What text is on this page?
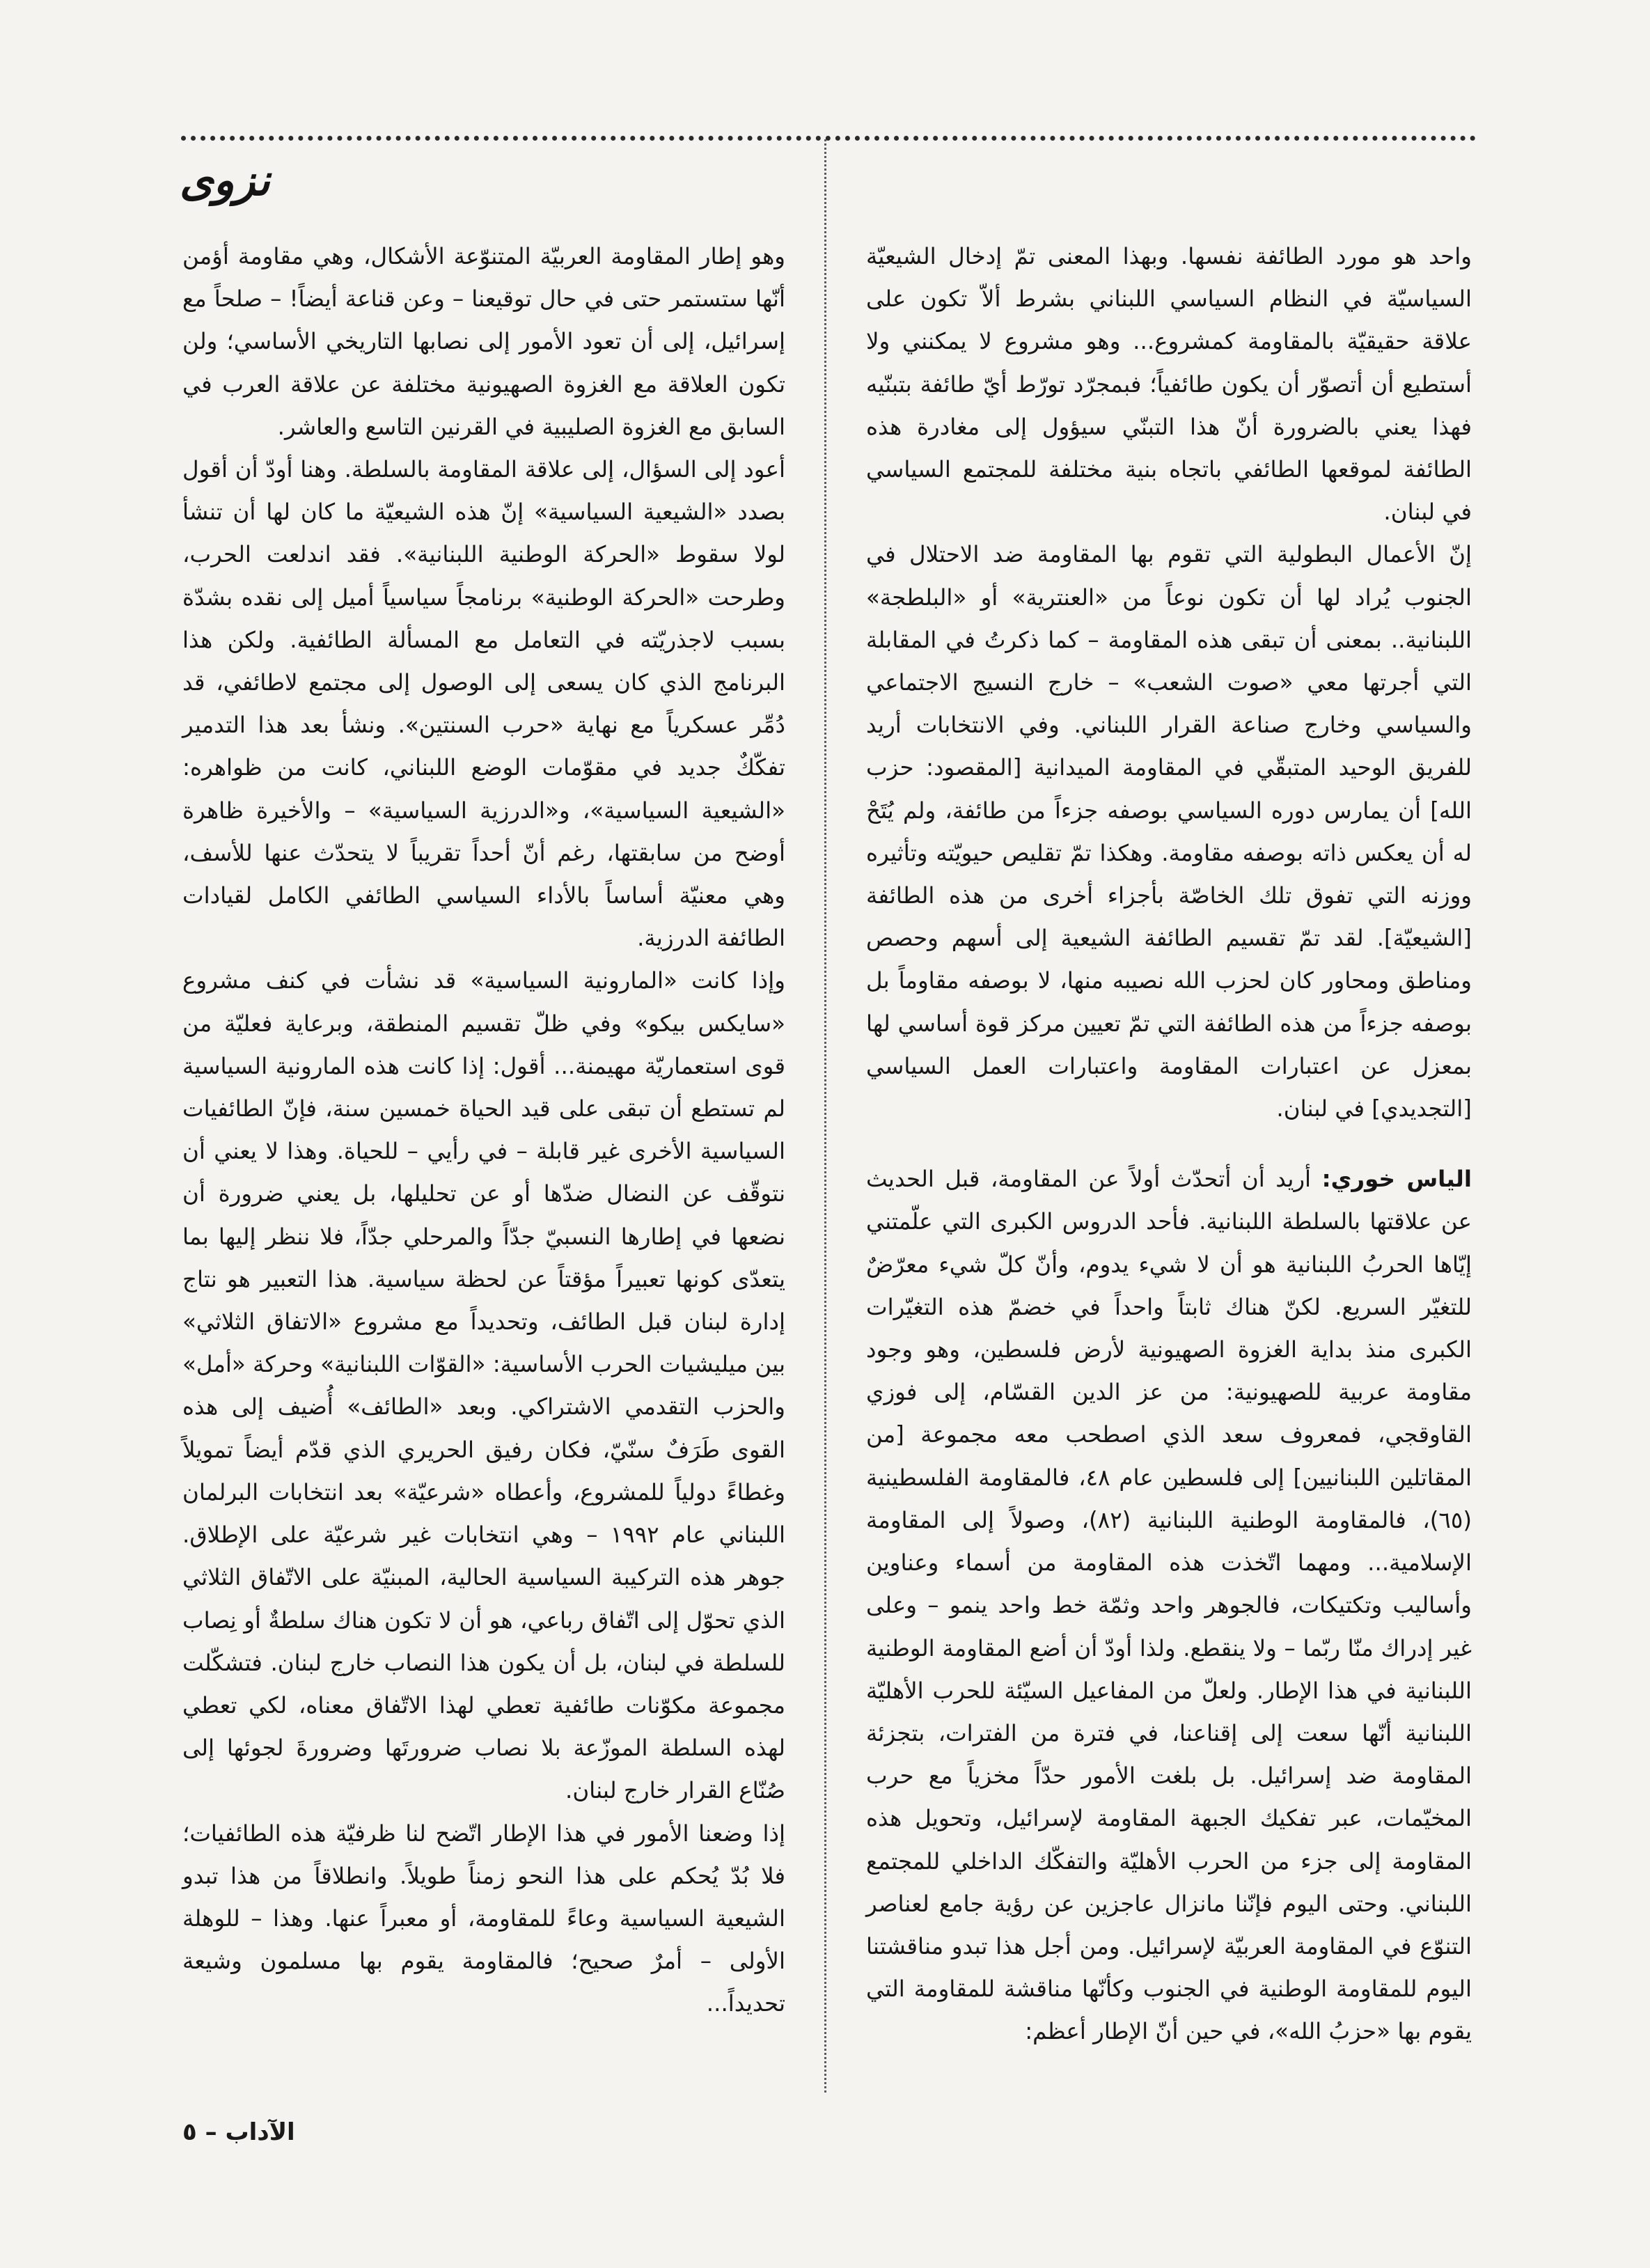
نزوى

واحد هو مورد الطائفة نفسها. وبهذا المعنى تمّ إدخال الشيعيّة السياسيّة في النظام السياسي اللبناني بشرط ألاّ تكون على علاقة حقيقيّة بالمقاومة كمشروع... وهو مشروع لا يمكنني ولا أستطيع أن أتصوّر أن يكون طائفياً؛ فبمجرّد تورّط أيّ طائفة بتبنّيه فهذا يعني بالضرورة أنّ هذا التبنّي سيؤول إلى مغادرة هذه الطائفة لموقعها الطائفي باتجاه بنية مختلفة للمجتمع السياسي في لبنان.

إنّ الأعمال البطولية التي تقوم بها المقاومة ضد الاحتلال في الجنوب يُراد لها أن تكون نوعاً من «العنترية» أو «البلطجة» اللبنانية.. بمعنى أن تبقى هذه المقاومة – كما ذكرتُ في المقابلة التي أجرتها معي «صوت الشعب» – خارج النسيج الاجتماعي والسياسي وخارج صناعة القرار اللبناني. وفي الانتخابات أريد للفريق الوحيد المتبقّي في المقاومة الميدانية [المقصود: حزب الله] أن يمارس دوره السياسي بوصفه جزءاً من طائفة، ولم يُتَحْ له أن يعكس ذاته بوصفه مقاومة. وهكذا تمّ تقليص حيويّته وتأثيره ووزنه التي تفوق تلك الخاصّة بأجزاء أخرى من هذه الطائفة [الشيعيّة]. لقد تمّ تقسيم الطائفة الشيعية إلى أسهم وحصص ومناطق ومحاور كان لحزب الله نصيبه منها، لا بوصفه مقاوماً بل بوصفه جزءاً من هذه الطائفة التي تمّ تعيين مركز قوة أساسي لها بمعزل عن اعتبارات المقاومة واعتبارات العمل السياسي [التجديدي] في لبنان.

الياس خوري: أريد أن أتحدّث أولاً عن المقاومة، قبل الحديث عن علاقتها بالسلطة اللبنانية. فأحد الدروس الكبرى التي علّمتني إيّاها الحربُ اللبنانية هو أن لا شيء يدوم، وأنّ كلّ شيء معرّضٌ للتغيّر السريع. لكنّ هناك ثابتاً واحداً في خضمّ هذه التغيّرات الكبرى منذ بداية الغزوة الصهيونية لأرض فلسطين، وهو وجود مقاومة عربية للصهيونية: من عز الدين القسّام، إلى فوزي القاوقجي، فمعروف سعد الذي اصطحب معه مجموعة [من المقاتلين اللبنانيين] إلى فلسطين عام ٤٨، فالمقاومة الفلسطينية (٦٥)، فالمقاومة الوطنية اللبنانية (٨٢)، وصولاً إلى المقاومة الإسلامية... ومهما اتّخذت هذه المقاومة من أسماء وعناوين وأساليب وتكتيكات، فالجوهر واحد وثمّة خط واحد ينمو – وعلى غير إدراك منّا ربّما – ولا ينقطع. ولذا أودّ أن أضع المقاومة الوطنية اللبنانية في هذا الإطار. ولعلّ من المفاعيل السيّئة للحرب الأهليّة اللبنانية أنّها سعت إلى إقناعنا، في فترة من الفترات، بتجزئة المقاومة ضد إسرائيل. بل بلغت الأمور حدّاً مخزياً مع حرب المخيّمات، عبر تفكيك الجبهة المقاومة لإسرائيل، وتحويل هذه المقاومة إلى جزء من الحرب الأهليّة والتفكّك الداخلي للمجتمع اللبناني. وحتى اليوم فإنّنا مانزال عاجزين عن رؤية جامع لعناصر التنوّع في المقاومة العربيّة لإسرائيل. ومن أجل هذا تبدو مناقشتنا اليوم للمقاومة الوطنية في الجنوب وكأنّها مناقشة للمقاومة التي يقوم بها «حزبُ الله»، في حين أنّ الإطار أعظم:

وهو إطار المقاومة العربيّة المتنوّعة الأشكال، وهي مقاومة أؤمن أنّها ستستمر حتى في حال توقيعنا – وعن قناعة أيضاً! – صلحاً مع إسرائيل، إلى أن تعود الأمور إلى نصابها التاريخي الأساسي؛ ولن تكون العلاقة مع الغزوة الصهيونية مختلفة عن علاقة العرب في السابق مع الغزوة الصليبية في القرنين التاسع والعاشر.

أعود إلى السؤال، إلى علاقة المقاومة بالسلطة. وهنا أودّ أن أقول بصدد «الشيعية السياسية» إنّ هذه الشيعيّة ما كان لها أن تنشأ لولا سقوط «الحركة الوطنية اللبنانية». فقد اندلعت الحرب، وطرحت «الحركة الوطنية» برنامجاً سياسياً أميل إلى نقده بشدّة بسبب لاجذريّته في التعامل مع المسألة الطائفية. ولكن هذا البرنامج الذي كان يسعى إلى الوصول إلى مجتمع لاطائفي، قد دُمِّر عسكرياً مع نهاية «حرب السنتين». ونشأ بعد هذا التدمير تفكّكٌ جديد في مقوّمات الوضع اللبناني، كانت من ظواهره: «الشيعية السياسية»، و«الدرزية السياسية» – والأخيرة ظاهرة أوضح من سابقتها، رغم أنّ أحداً تقريباً لا يتحدّث عنها للأسف، وهي معنيّة أساساً بالأداء السياسي الطائفي الكامل لقيادات الطائفة الدرزية.

وإذا كانت «المارونية السياسية» قد نشأت في كنف مشروع «سايكس بيكو» وفي ظلّ تقسيم المنطقة، وبرعاية فعليّة من قوى استعماريّة مهيمنة... أقول: إذا كانت هذه المارونية السياسية لم تستطع أن تبقى على قيد الحياة خمسين سنة، فإنّ الطائفيات السياسية الأخرى غير قابلة – في رأيي – للحياة. وهذا لا يعني أن نتوقّف عن النضال ضدّها أو عن تحليلها، بل يعني ضرورة أن نضعها في إطارها النسبيّ جدّاً والمرحلي جدّاً، فلا ننظر إليها بما يتعدّى كونها تعبيراً مؤقتاً عن لحظة سياسية. هذا التعبير هو نتاج إدارة لبنان قبل الطائف، وتحديداً مع مشروع «الاتفاق الثلاثي» بين ميليشيات الحرب الأساسية: «القوّات اللبنانية» وحركة «أمل» والحزب التقدمي الاشتراكي. وبعد «الطائف» أُضيف إلى هذه القوى طَرَفٌ سنّيّ، فكان رفيق الحريري الذي قدّم أيضاً تمويلاً وغطاءً دولياً للمشروع، وأعطاه «شرعيّة» بعد انتخابات البرلمان اللبناني عام ١٩٩٢ – وهي انتخابات غير شرعيّة على الإطلاق. جوهر هذه التركيبة السياسية الحالية، المبنيّة على الاتّفاق الثلاثي الذي تحوّل إلى اتّفاق رباعي، هو أن لا تكون هناك سلطةٌ أو نِصاب للسلطة في لبنان، بل أن يكون هذا النصاب خارج لبنان. فتشكّلت مجموعة مكوّنات طائفية تعطي لهذا الاتّفاق معناه، لكي تعطي لهذه السلطة الموزّعة بلا نصاب ضرورتَها وضرورةَ لجوئها إلى صُنّاع القرار خارج لبنان.

إذا وضعنا الأمور في هذا الإطار اتّضح لنا ظرفيّة هذه الطائفيات؛ فلا بُدّ يُحكم على هذا النحو زمناً طويلاً. وانطلاقاً من هذا تبدو الشيعية السياسية وعاءً للمقاومة، أو معبراً عنها. وهذا – للوهلة الأولى – أمرٌ صحيح؛ فالمقاومة يقوم بها مسلمون وشيعة تحديداً...

الآداب – ٥
